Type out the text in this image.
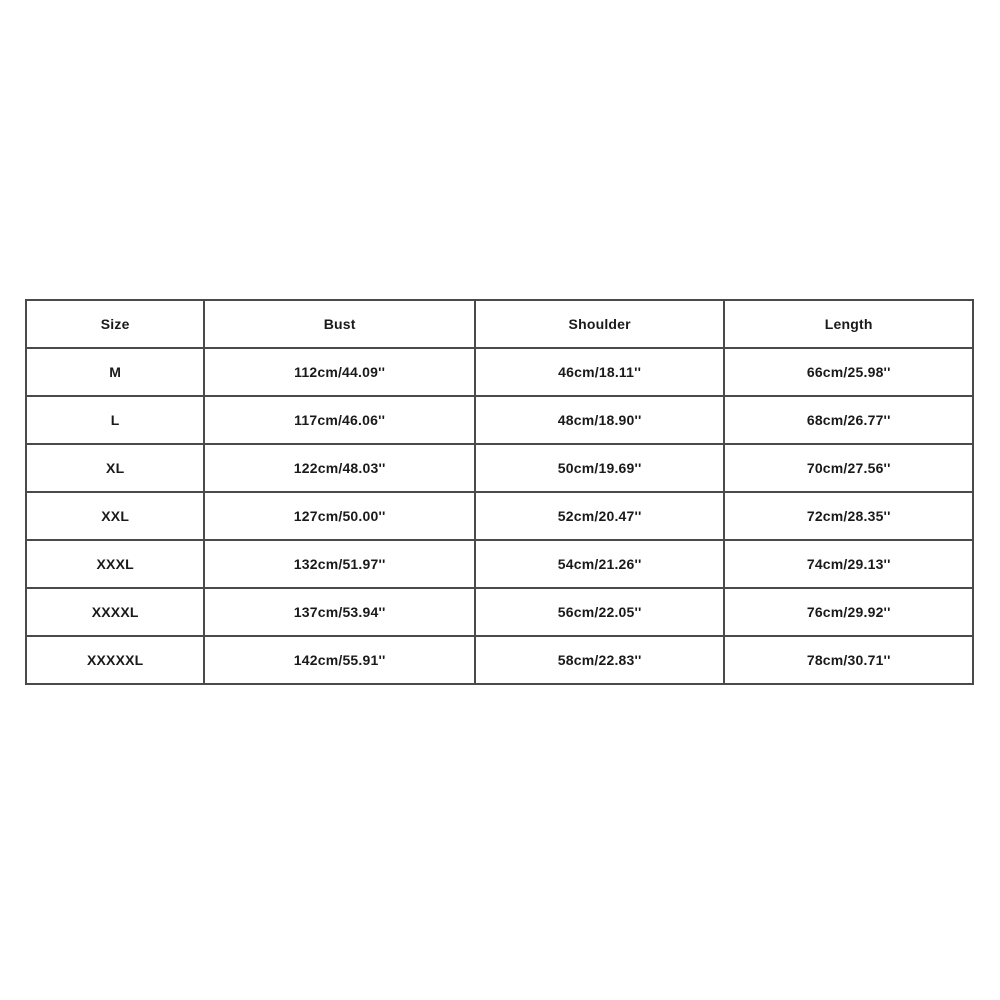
Size	Bust	Shoulder	Length
M	112cm/44.09''	46cm/18.11''	66cm/25.98''
L	117cm/46.06''	48cm/18.90''	68cm/26.77''
XL	122cm/48.03''	50cm/19.69''	70cm/27.56''
XXL	127cm/50.00''	52cm/20.47''	72cm/28.35''
XXXL	132cm/51.97''	54cm/21.26''	74cm/29.13''
XXXXL	137cm/53.94''	56cm/22.05''	76cm/29.92''
XXXXXL	142cm/55.91''	58cm/22.83''	78cm/30.71''
